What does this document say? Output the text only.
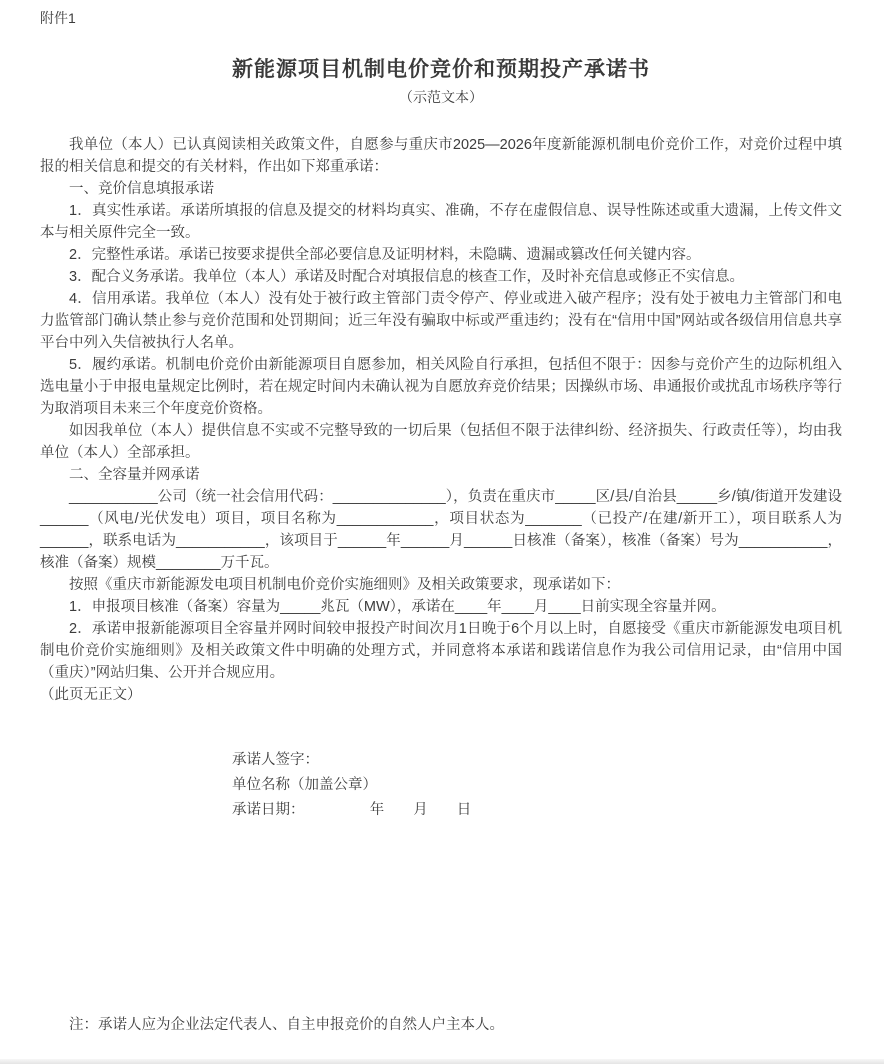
附件1
新能源项目机制电价竞价和预期投产承诺书
（示范文本）

我单位（本人）已认真阅读相关政策文件，自愿参与重庆市2025—2026年度新能源机制电价竞价工作，对竞价过程中填报的相关信息和提交的有关材料，作出如下郑重承诺：

一、竞价信息填报承诺

1．真实性承诺。承诺所填报的信息及提交的材料均真实、准确，不存在虚假信息、误导性陈述或重大遗漏，上传文件文本与相关原件完全一致。

2．完整性承诺。承诺已按要求提供全部必要信息及证明材料，未隐瞒、遗漏或篡改任何关键内容。

3．配合义务承诺。我单位（本人）承诺及时配合对填报信息的核查工作，及时补充信息或修正不实信息。

4．信用承诺。我单位（本人）没有处于被行政主管部门责令停产、停业或进入破产程序；没有处于被电力主管部门和电力监管部门确认禁止参与竞价范围和处罚期间；近三年没有骗取中标或严重违约；没有在“信用中国”网站或各级信用信息共享平台中列入失信被执行人名单。

5．履约承诺。机制电价竞价由新能源项目自愿参加，相关风险自行承担，包括但不限于：因参与竞价产生的边际机组入选电量小于申报电量规定比例时，若在规定时间内未确认视为自愿放弃竞价结果；因操纵市场、串通报价或扰乱市场秩序等行为取消项目未来三个年度竞价资格。

如因我单位（本人）提供信息不实或不完整导致的一切后果（包括但不限于法律纠纷、经济损失、行政责任等），均由我单位（本人）全部承担。

二、全容量并网承诺

___________公司（统一社会信用代码：______________），负责在重庆市_____区/县/自治县_____乡/镇/街道开发建设______（风电/光伏发电）项目，项目名称为____________，项目状态为_______（已投产/在建/新开工），项目联系人为______，联系电话为___________，该项目于______年______月______日核准（备案），核准（备案）号为___________，核准（备案）规模________万千瓦。

按照《重庆市新能源发电项目机制电价竞价实施细则》及相关政策要求，现承诺如下：

1．申报项目核准（备案）容量为_____兆瓦（MW），承诺在____年____月____日前实现全容量并网。

2．承诺申报新能源项目全容量并网时间较申报投产时间次月1日晚于6个月以上时，自愿接受《重庆市新能源发电项目机制电价竞价实施细则》及相关政策文件中明确的处理方式，并同意将本承诺和践诺信息作为我公司信用记录，由“信用中国（重庆）”网站归集、公开并合规应用。

（此页无正文）

承诺人签字：
单位名称（加盖公章）
承诺日期：　　　　　年　　月　　日
注：承诺人应为企业法定代表人、自主申报竞价的自然人户主本人。
